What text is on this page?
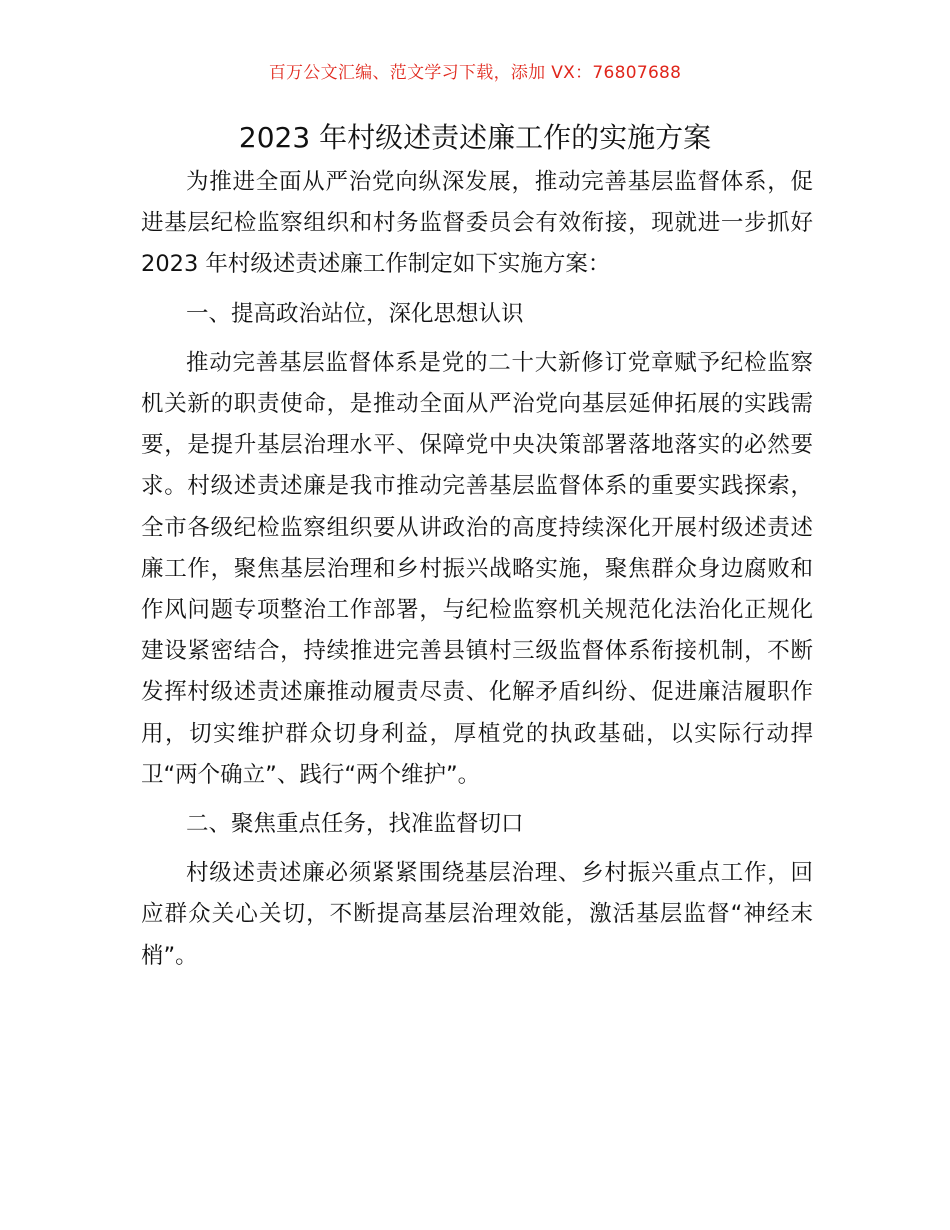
百万公文汇编、范文学习下载，添加 VX：76807688
2023 年村级述责述廉工作的实施方案

为推进全面从严治党向纵深发展，推动完善基层监督体系，促进基层纪检监察组织和村务监督委员会有效衔接，现就进一步抓好 2023 年村级述责述廉工作制定如下实施方案：

一、提高政治站位，深化思想认识

推动完善基层监督体系是党的二十大新修订党章赋予纪检监察机关新的职责使命，是推动全面从严治党向基层延伸拓展的实践需要，是提升基层治理水平、保障党中央决策部署落地落实的必然要求。村级述责述廉是我市推动完善基层监督体系的重要实践探索，全市各级纪检监察组织要从讲政治的高度持续深化开展村级述责述廉工作，聚焦基层治理和乡村振兴战略实施，聚焦群众身边腐败和作风问题专项整治工作部署，与纪检监察机关规范化法治化正规化建设紧密结合，持续推进完善县镇村三级监督体系衔接机制，不断发挥村级述责述廉推动履责尽责、化解矛盾纠纷、促进廉洁履职作用，切实维护群众切身利益，厚植党的执政基础，以实际行动捍卫“两个确立”、践行“两个维护”。

二、聚焦重点任务，找准监督切口

村级述责述廉必须紧紧围绕基层治理、乡村振兴重点工作，回应群众关心关切，不断提高基层治理效能，激活基层监督“神经末梢”。
